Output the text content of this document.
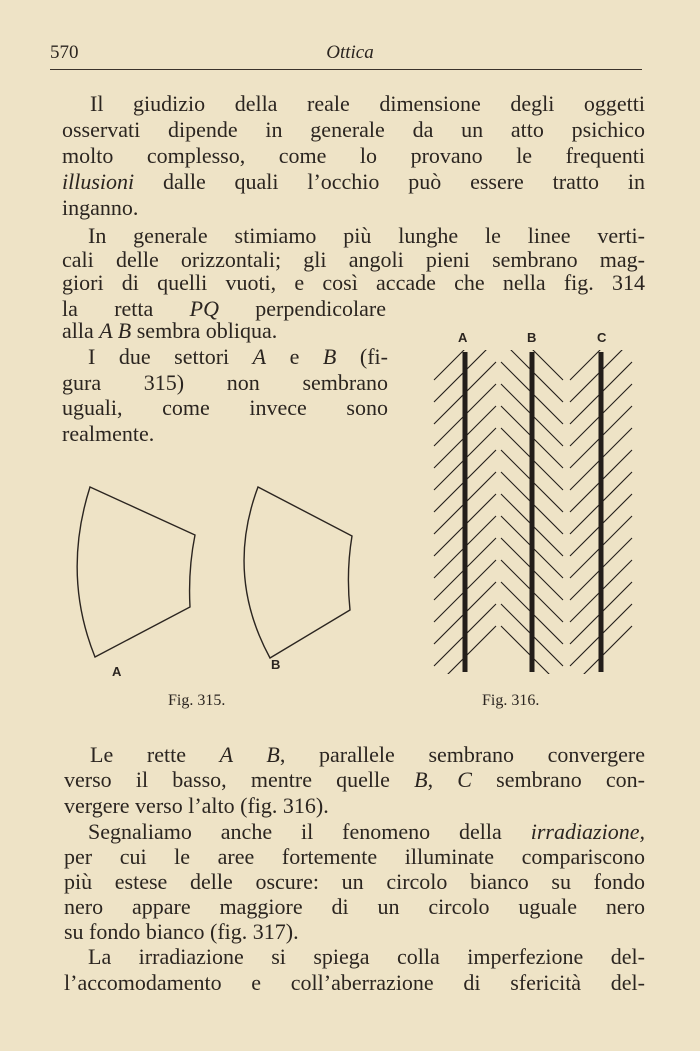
570	Ottica
Il giudizio della reale dimensione degli oggetti
osservati dipende in generale da un atto psichico
molto complesso, come lo provano le frequenti
illusioni dalle quali l’occhio può essere tratto in
inganno.
In generale stimiamo più lunghe le linee verti-
cali delle orizzontali; gli angoli pieni sembrano mag-
giori di quelli vuoti, e così accade che nella fig. 314
la retta PQ perpendicolare
alla A B sembra obliqua.
I due settori A e B (fi-
gura 315) non sembrano
uguali, come invece sono
realmente.
Le rette A B, parallele sembrano convergere
verso il basso, mentre quelle B, C sembrano con-
vergere verso l’alto (fig. 316).
Segnaliamo anche il fenomeno della irradiazione,
per cui le aree fortemente illuminate compariscono
più estese delle oscure: un circolo bianco su fondo
nero appare maggiore di un circolo uguale nero
su fondo bianco (fig. 317).
La irradiazione si spiega colla imperfezione del-
l’accomodamento e coll’aberrazione di sfericità del-
A	B
Fig. 315.
A	B	C
Fig. 316.
